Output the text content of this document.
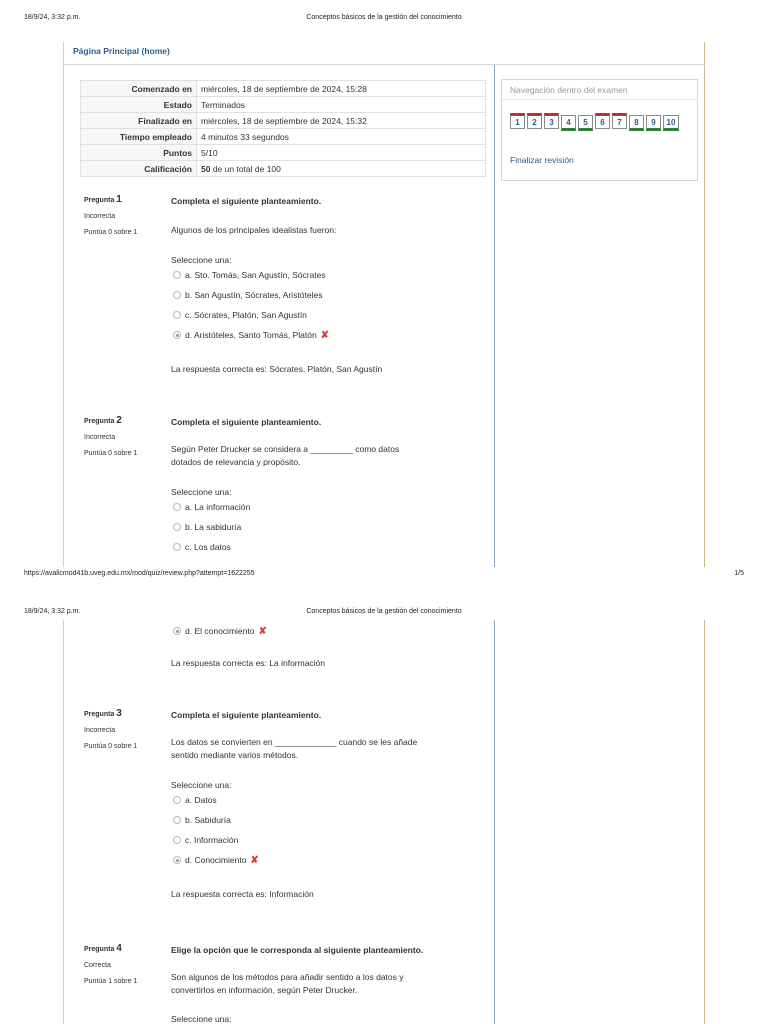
18/9/24, 3:32 p.m.	Conceptos básicos de la gestión del conocimiento
Página Principal (home)
Comenzado en	miércoles, 18 de septiembre de 2024, 15:28
Estado	Terminados
Finalizado en	miércoles, 18 de septiembre de 2024, 15:32
Tiempo empleado	4 minutos 33 segundos
Puntos	5/10
Calificación	50 de un total de 100
Navegación dentro del examen
1 2 3 4 5 6 7 8 9 10
Finalizar revisión
Pregunta 1
Incorrecta
Puntúa 0 sobre 1
Completa el siguiente planteamiento.
Algunos de los principales idealistas fueron:
Seleccione una:
a. Sto. Tomás, San Agustín, Sócrates
b. San Agustín, Sócrates, Aristóteles
c. Sócrates, Platón, San Agustín
d. Aristóteles, Santo Tomás, Platón ✘
La respuesta correcta es: Sócrates, Platón, San Agustín
Pregunta 2
Incorrecta
Puntúa 0 sobre 1
Completa el siguiente planteamiento.
Según Peter Drucker se considera a _________ como datos
dotados de relevancia y propósito.
Seleccione una:
a. La información
b. La sabiduría
c. Los datos
https://avalicmod41b.uveg.edu.mx/mod/quiz/review.php?attempt=1622255	1/5
18/9/24, 3:32 p.m.	Conceptos básicos de la gestión del conocimiento
d. El conocimiento ✘
La respuesta correcta es: La información
Pregunta 3
Incorrecta
Puntúa 0 sobre 1
Completa el siguiente planteamiento.
Los datos se convierten en _____________ cuando se les añade
sentido mediante varios métodos.
Seleccione una:
a. Datos
b. Sabiduría
c. Información
d. Conocimiento ✘
La respuesta correcta es: Información
Pregunta 4
Correcta
Puntúa 1 sobre 1
Elige la opción que le corresponda al siguiente planteamiento.
Son algunos de los métodos para añadir sentido a los datos y
convertirlos en información, según Peter Drucker.
Seleccione una:
